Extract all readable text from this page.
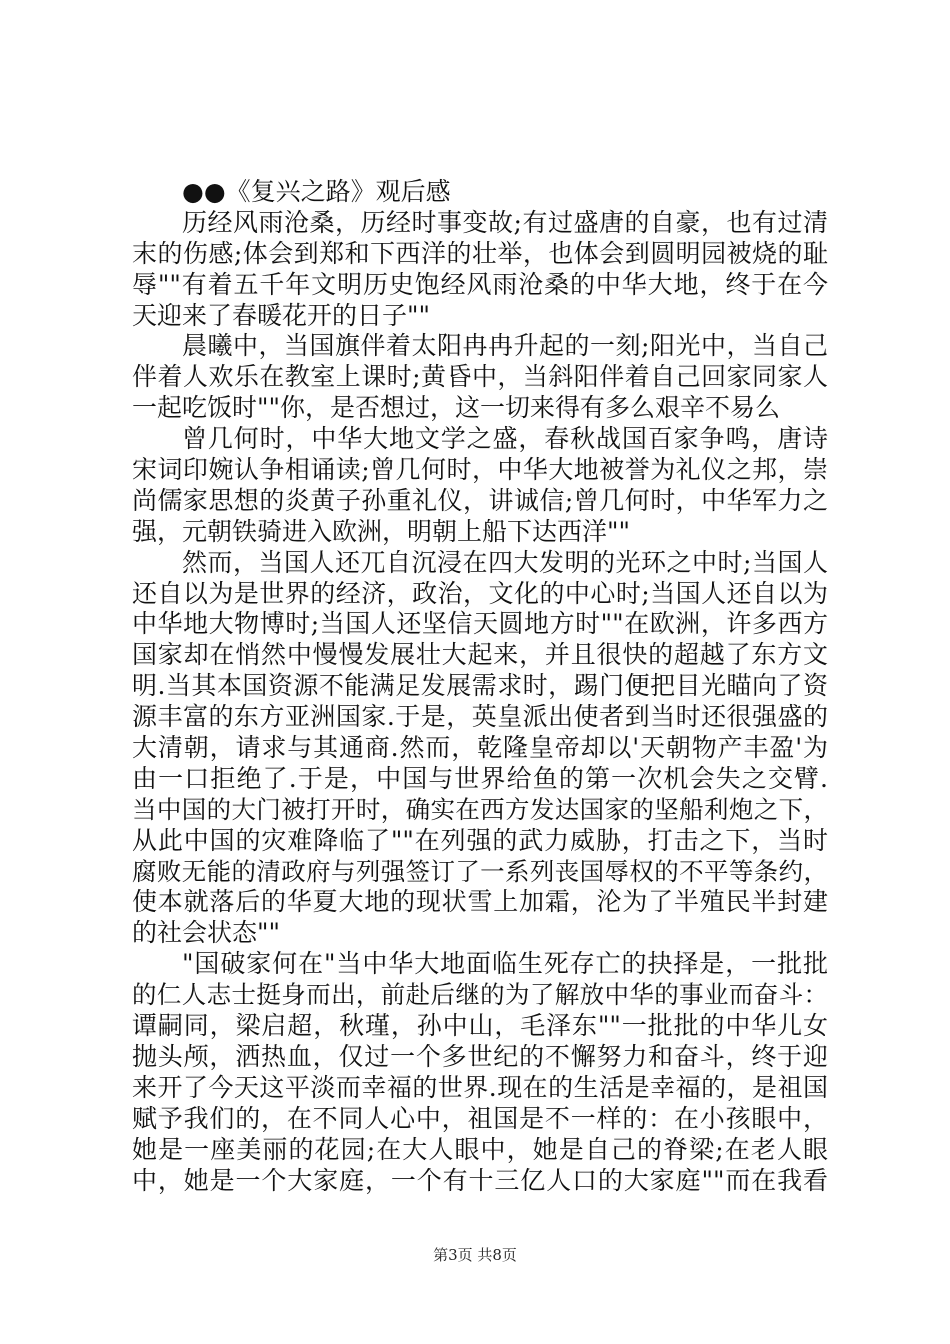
●●《复兴之路》观后感
历经风雨沧桑，历经时事变故;有过盛唐的自豪，也有过清
末的伤感;体会到郑和下西洋的壮举，也体会到圆明园被烧的耻
辱""有着五千年文明历史饱经风雨沧桑的中华大地，终于在今
天迎来了春暖花开的日子""
晨曦中，当国旗伴着太阳冉冉升起的一刻;阳光中，当自己
伴着人欢乐在教室上课时;黄昏中，当斜阳伴着自己回家同家人
一起吃饭时""你，是否想过，这一切来得有多么艰辛不易么
曾几何时，中华大地文学之盛，春秋战国百家争鸣，唐诗
宋词印婉认争相诵读;曾几何时，中华大地被誉为礼仪之邦，崇
尚儒家思想的炎黄子孙重礼仪，讲诚信;曾几何时，中华军力之
强，元朝铁骑进入欧洲，明朝上船下达西洋""
然而，当国人还兀自沉浸在四大发明的光环之中时;当国人
还自以为是世界的经济，政治，文化的中心时;当国人还自以为
中华地大物博时;当国人还坚信天圆地方时""在欧洲，许多西方
国家却在悄然中慢慢发展壮大起来，并且很快的超越了东方文
明.当其本国资源不能满足发展需求时，踢门便把目光瞄向了资
源丰富的东方亚洲国家.于是，英皇派出使者到当时还很强盛的
大清朝，请求与其通商.然而，乾隆皇帝却以'天朝物产丰盈'为
由一口拒绝了.于是，中国与世界给鱼的第一次机会失之交臂.
当中国的大门被打开时，确实在西方发达国家的坚船利炮之下，
从此中国的灾难降临了""在列强的武力威胁，打击之下，当时
腐败无能的清政府与列强签订了一系列丧国辱权的不平等条约，
使本就落后的华夏大地的现状雪上加霜，沦为了半殖民半封建
的社会状态""
"国破家何在"当中华大地面临生死存亡的抉择是，一批批
的仁人志士挺身而出，前赴后继的为了解放中华的事业而奋斗：
谭嗣同，梁启超，秋瑾，孙中山，毛泽东""一批批的中华儿女
抛头颅，洒热血，仅过一个多世纪的不懈努力和奋斗，终于迎
来开了今天这平淡而幸福的世界.现在的生活是幸福的，是祖国
赋予我们的，在不同人心中，祖国是不一样的：在小孩眼中，
她是一座美丽的花园;在大人眼中，她是自己的脊梁;在老人眼
中，她是一个大家庭，一个有十三亿人口的大家庭""而在我看
第3页 共8页
